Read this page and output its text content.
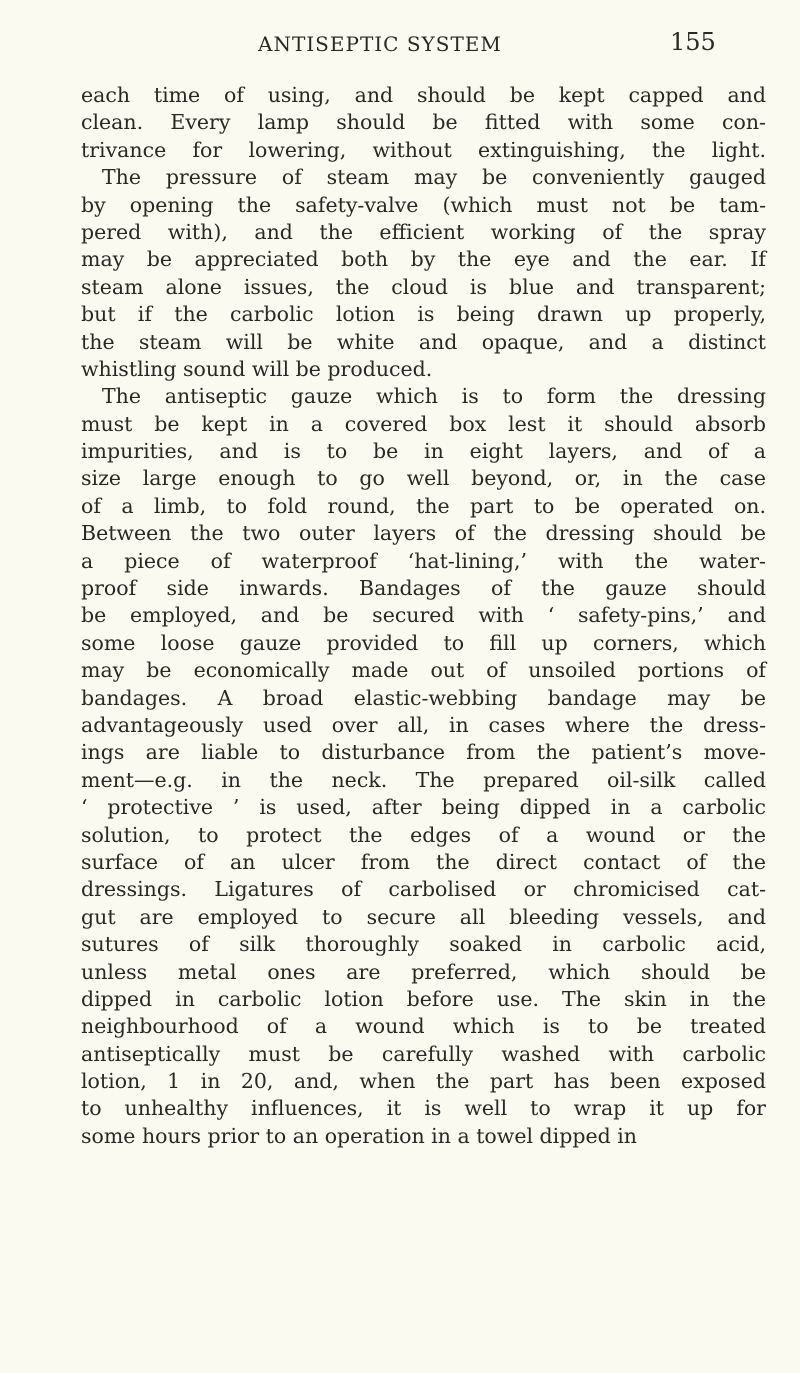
ANTISEPTIC SYSTEM	155
each time of using, and should be kept capped and
clean. Every lamp should be fitted with some con-
trivance for lowering, without extinguishing, the light.
The pressure of steam may be conveniently gauged
by opening the safety-valve (which must not be tam-
pered with), and the efficient working of the spray
may be appreciated both by the eye and the ear. If
steam alone issues, the cloud is blue and transparent;
but if the carbolic lotion is being drawn up properly,
the steam will be white and opaque, and a distinct
whistling sound will be produced.
The antiseptic gauze which is to form the dressing
must be kept in a covered box lest it should absorb
impurities, and is to be in eight layers, and of a
size large enough to go well beyond, or, in the case
of a limb, to fold round, the part to be operated on.
Between the two outer layers of the dressing should be
a piece of waterproof ‘hat-lining,’ with the water-
proof side inwards. Bandages of the gauze should
be employed, and be secured with ‘ safety-pins,’ and
some loose gauze provided to fill up corners, which
may be economically made out of unsoiled portions of
bandages. A broad elastic-webbing bandage may be
advantageously used over all, in cases where the dress-
ings are liable to disturbance from the patient’s move-
ment—e.g. in the neck. The prepared oil-silk called
‘ protective ’ is used, after being dipped in a carbolic
solution, to protect the edges of a wound or the
surface of an ulcer from the direct contact of the
dressings. Ligatures of carbolised or chromicised cat-
gut are employed to secure all bleeding vessels, and
sutures of silk thoroughly soaked in carbolic acid,
unless metal ones are preferred, which should be
dipped in carbolic lotion before use. The skin in the
neighbourhood of a wound which is to be treated
antiseptically must be carefully washed with carbolic
lotion, 1 in 20, and, when the part has been exposed
to unhealthy influences, it is well to wrap it up for
some hours prior to an operation in a towel dipped in
